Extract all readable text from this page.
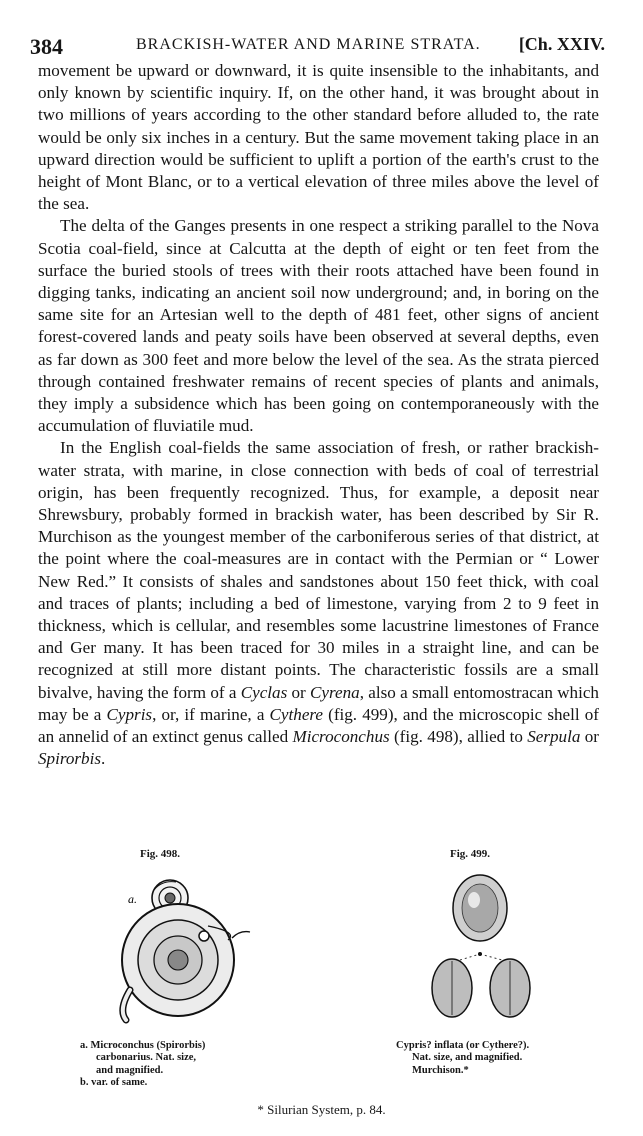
384	BRACKISH-WATER AND MARINE STRATA. [Ch. XXIV.

movement be upward or downward, it is quite insensible to the inhabitants, and only known by scientific inquiry. If, on the other hand, it was brought about in two millions of years according to the other standard before alluded to, the rate would be only six inches in a century. But the same movement taking place in an upward direction would be sufficient to uplift a portion of the earth's crust to the height of Mont Blanc, or to a vertical elevation of three miles above the level of the sea.

The delta of the Ganges presents in one respect a striking parallel to the Nova Scotia coal-field, since at Calcutta at the depth of eight or ten feet from the surface the buried stools of trees with their roots attached have been found in digging tanks, indicating an ancient soil now underground; and, in boring on the same site for an Artesian well to the depth of 481 feet, other signs of ancient forest-covered lands and peaty soils have been observed at several depths, even as far down as 300 feet and more below the level of the sea. As the strata pierced through contained freshwater remains of recent species of plants and animals, they imply a subsidence which has been going on contemporaneously with the accumulation of fluviatile mud.

In the English coal-fields the same association of fresh, or rather brackish-water strata, with marine, in close connection with beds of coal of terrestrial origin, has been frequently recognized. Thus, for example, a deposit near Shrewsbury, probably formed in brackish water, has been described by Sir R. Murchison as the youngest member of the carboniferous series of that district, at the point where the coal-measures are in contact with the Permian or “ Lower New Red.” It consists of shales and sandstones about 150 feet thick, with coal and traces of plants; including a bed of limestone, varying from 2 to 9 feet in thickness, which is cellular, and resembles some lacustrine limestones of France and Ger many. It has been traced for 30 miles in a straight line, and can be recognized at still more distant points. The characteristic fossils are a small bivalve, having the form of a Cyclas or Cyrena, also a small entomostracan which may be a Cypris, or, if marine, a Cythere (fig. 499), and the microscopic shell of an annelid of an extinct genus called Microconchus (fig. 498), allied to Serpula or Spirorbis.

Fig. 498.	Fig. 499.
a.
a. Microconchus (Spirorbis)
carbonarius. Nat. size,
and magnified.
b. var. of same.
Cypris? inflata (or Cythere?).
Nat. size, and magnified.
Murchison.*
* Silurian System, p. 84.
